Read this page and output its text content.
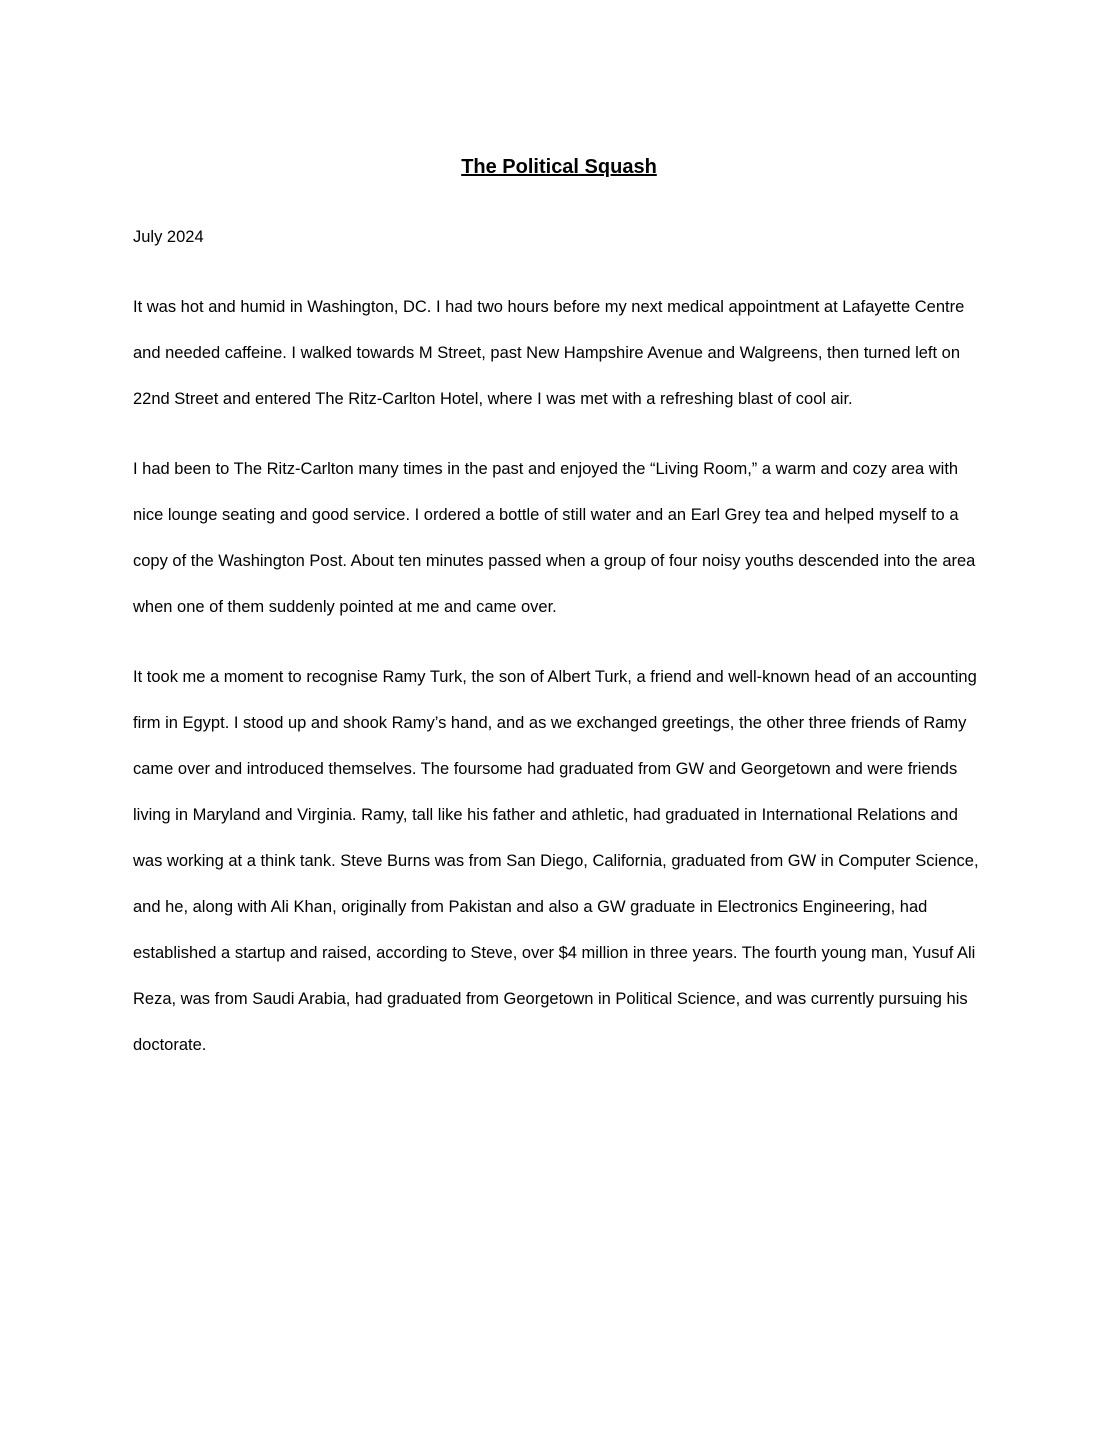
The Political Squash

July 2024

It was hot and humid in Washington, DC. I had two hours before my next medical appointment at Lafayette Centre and needed caffeine. I walked towards M Street, past New Hampshire Avenue and Walgreens, then turned left on 22nd Street and entered The Ritz-Carlton Hotel, where I was met with a refreshing blast of cool air.

I had been to The Ritz-Carlton many times in the past and enjoyed the “Living Room,” a warm and cozy area with nice lounge seating and good service. I ordered a bottle of still water and an Earl Grey tea and helped myself to a copy of the Washington Post. About ten minutes passed when a group of four noisy youths descended into the area when one of them suddenly pointed at me and came over.

It took me a moment to recognise Ramy Turk, the son of Albert Turk, a friend and well-known head of an accounting firm in Egypt. I stood up and shook Ramy’s hand, and as we exchanged greetings, the other three friends of Ramy came over and introduced themselves. The foursome had graduated from GW and Georgetown and were friends living in Maryland and Virginia. Ramy, tall like his father and athletic, had graduated in International Relations and was working at a think tank. Steve Burns was from San Diego, California, graduated from GW in Computer Science, and he, along with Ali Khan, originally from Pakistan and also a GW graduate in Electronics Engineering, had established a startup and raised, according to Steve, over $4 million in three years. The fourth young man, Yusuf Ali Reza, was from Saudi Arabia, had graduated from Georgetown in Political Science, and was currently pursuing his doctorate.
